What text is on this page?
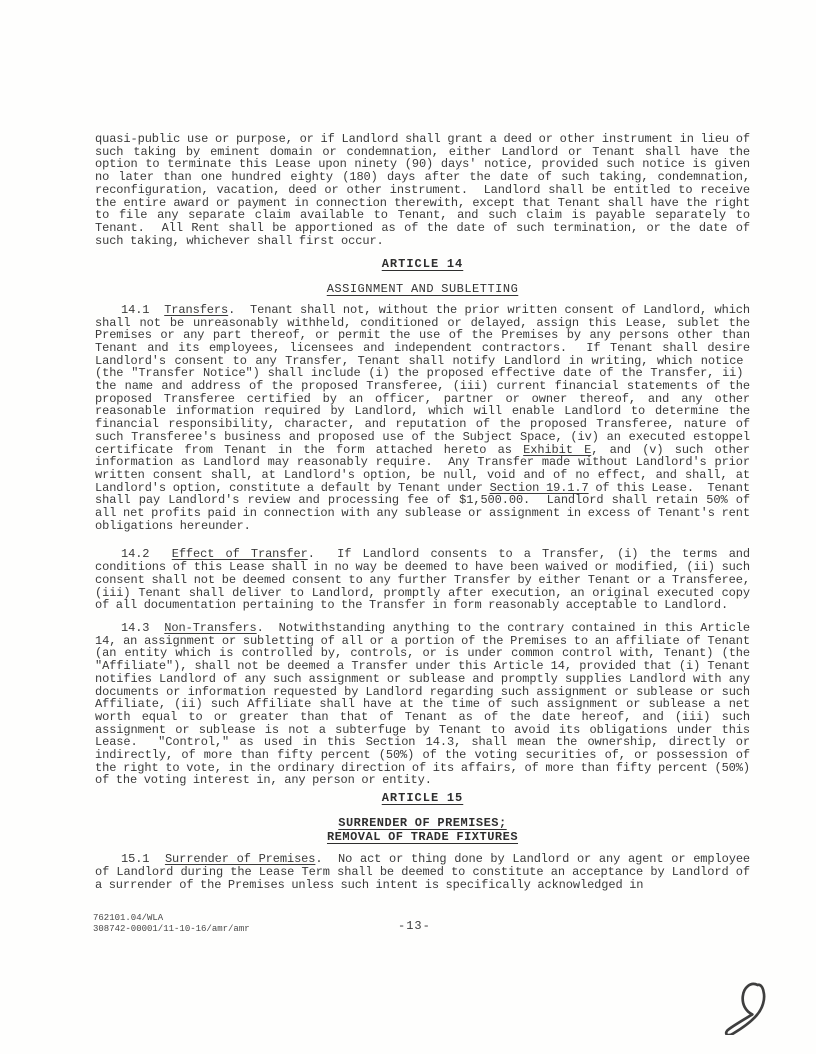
quasi-public use or purpose, or if Landlord shall grant a deed or other instrument in lieu of such taking by eminent domain or condemnation, either Landlord or Tenant shall have the option to terminate this Lease upon ninety (90) days' notice, provided such notice is given no later than one hundred eighty (180) days after the date of such taking, condemnation, reconfiguration, vacation, deed or other instrument.  Landlord shall be entitled to receive the entire award or payment in connection therewith, except that Tenant shall have the right to file any separate claim available to Tenant, and such claim is payable separately to Tenant.  All Rent shall be apportioned as of the date of such termination, or the date of such taking, whichever shall first occur.

ARTICLE 14
ASSIGNMENT AND SUBLETTING

14.1  Transfers.  Tenant shall not, without the prior written consent of Landlord, which shall not be unreasonably withheld, conditioned or delayed, assign this Lease, sublet the Premises or any part thereof, or permit the use of the Premises by any persons other than Tenant and its employees, licensees and independent contractors.  If Tenant shall desire Landlord's consent to any Transfer, Tenant shall notify Landlord in writing, which notice  (the "Transfer Notice") shall include (i) the proposed effective date of the Transfer, ii)  the name and address of the proposed Transferee, (iii) current financial statements of the proposed Transferee certified by an officer, partner or owner thereof, and any other reasonable information required by Landlord, which will enable Landlord to determine the financial responsibility, character, and reputation of the proposed Transferee, nature of such Transferee's business and proposed use of the Subject Space, (iv) an executed estoppel certificate from Tenant in the form attached hereto as Exhibit E, and (v) such other information as Landlord may reasonably require.  Any Transfer made without Landlord's prior written consent shall, at Landlord's option, be null, void and of no effect, and shall, at Landlord's option, constitute a default by Tenant under Section 19.1.7 of this Lease.  Tenant shall pay Landlord's review and processing fee of $1,500.00.  Landlord shall retain 50% of all net profits paid in connection with any sublease or assignment in excess of Tenant's rent obligations hereunder.

14.2  Effect of Transfer.  If Landlord consents to a Transfer, (i) the terms and conditions of this Lease shall in no way be deemed to have been waived or modified, (ii) such consent shall not be deemed consent to any further Transfer by either Tenant or a Transferee, (iii) Tenant shall deliver to Landlord, promptly after execution, an original executed copy of all documentation pertaining to the Transfer in form reasonably acceptable to Landlord.

14.3  Non-Transfers.  Notwithstanding anything to the contrary contained in this Article 14, an assignment or subletting of all or a portion of the Premises to an affiliate of Tenant (an entity which is controlled by, controls, or is under common control with, Tenant) (the "Affiliate"), shall not be deemed a Transfer under this Article 14, provided that (i) Tenant notifies Landlord of any such assignment or sublease and promptly supplies Landlord with any documents or information requested by Landlord regarding such assignment or sublease or such Affiliate, (ii) such Affiliate shall have at the time of such assignment or sublease a net worth equal to or greater than that of Tenant as of the date hereof, and (iii) such assignment or sublease is not a subterfuge by Tenant to avoid its obligations under this Lease.  "Control," as used in this Section 14.3, shall mean the ownership, directly or indirectly, of more than fifty percent (50%) of the voting securities of, or possession of the right to vote, in the ordinary direction of its affairs, of more than fifty percent (50%) of the voting interest in, any person or entity.

ARTICLE 15
SURRENDER OF PREMISES;
REMOVAL OF TRADE FIXTURES

15.1  Surrender of Premises.  No act or thing done by Landlord or any agent or employee of Landlord during the Lease Term shall be deemed to constitute an acceptance by Landlord of a surrender of the Premises unless such intent is specifically acknowledged in

762101.04/WLA
308742-00001/11-10-16/amr/amr	-13-
